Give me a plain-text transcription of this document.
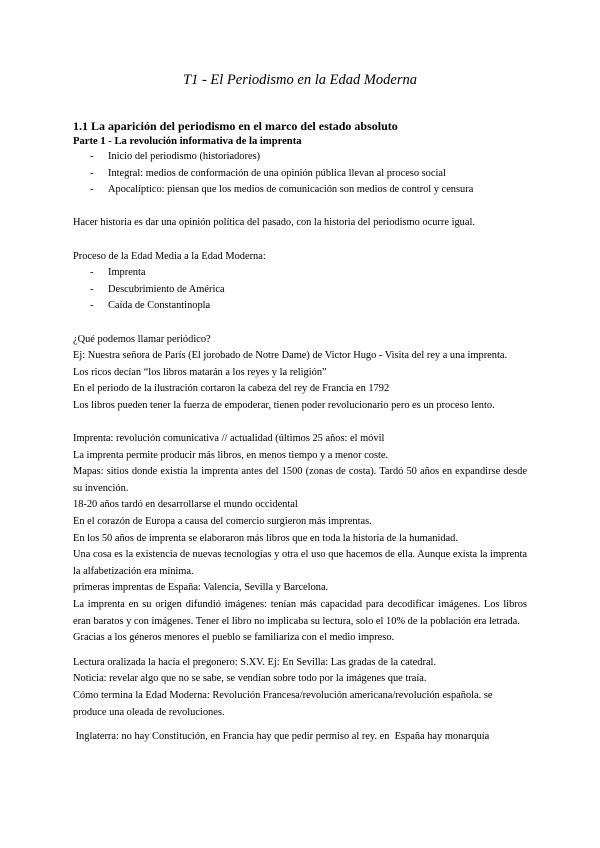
T1 - El Periodismo en la Edad Moderna

1.1 La aparición del periodismo en el marco del estado absoluto

Parte 1 - La revolución informativa de la imprenta

- Inicio del periodismo (historiadores)
- Integral: medios de conformación de una opinión pública llevan al proceso social
- Apocalíptico: piensan que los medios de comunicación son medios de control y censura

Hacer historia es dar una opinión política del pasado, con la historia del periodismo ocurre igual.

Proceso de la Edad Media a la Edad Moderna:

- Imprenta
- Descubrimiento de América
- Caída de Constantinopla

¿Qué podemos llamar periódico?

Ej: Nuestra señora de París (El jorobado de Notre Dame) de Victor Hugo - Visita del rey a una imprenta.

Los ricos decían “los libros matarán a los reyes y la religión”

En el periodo de la ilustración cortaron la cabeza del rey de Francia en 1792

Los libros pueden tener la fuerza de empoderar, tienen poder revolucionario pero es un proceso lento.

Imprenta: revolución comunicativa // actualidad (últimos 25 años: el móvil

La imprenta permite producir más libros, en menos tiempo y a menor coste.

Mapas: sitios donde existía la imprenta antes del 1500 (zonas de costa). Tardó 50 años en expandirse desde su invención.

18-20 años tardó en desarrollarse el mundo occidental

En el corazón de Europa a causa del comercio surgieron más imprentas.

En los 50 años de imprenta se elaboraron más libros que en toda la historia de la humanidad.

Una cosa es la existencia de nuevas tecnologías y otra el uso que hacemos de ella. Aunque exista la imprenta la alfabetización era mínima.

primeras imprentas de España: Valencia, Sevilla y Barcelona.

La imprenta en su origen difundió imágenes: tenían más capacidad para decodificar imágenes. Los libros eran baratos y con imágenes. Tener el libro no implicaba su lectura, solo el 10% de la población era letrada.

Gracias a los géneros menores el pueblo se familiariza con el medio impreso.

Lectura oralizada la hacía el pregonero: S.XV. Ej: En Sevilla: Las gradas de la catedral.

Noticia: revelar algo que no se sabe, se vendían sobre todo por la imágenes que traía.

Cómo termina la Edad Moderna: Revolución Francesa/revolución americana/revolución española. se produce una oleada de revoluciones.

Inglaterra: no hay Constitución, en Francia hay que pedir permiso al rey. en  España hay monarquía
